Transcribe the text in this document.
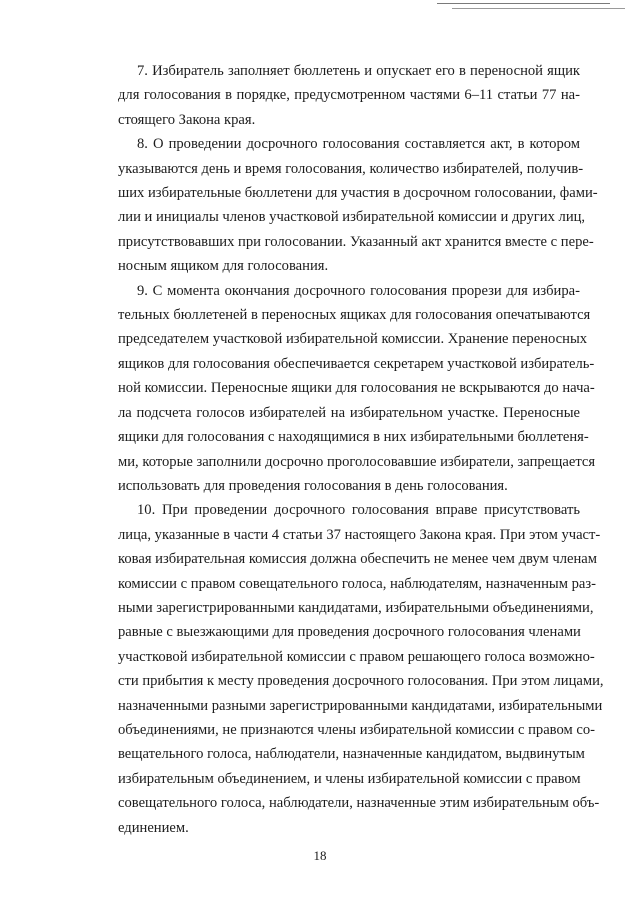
7. Избиратель заполняет бюллетень и опускает его в переносной ящик
для голосования в порядке, предусмотренном частями 6–11 статьи 77 на-
стоящего Закона края.

8. О проведении досрочного голосования составляется акт, в котором
указываются день и время голосования, количество избирателей, получив-
ших избирательные бюллетени для участия в досрочном голосовании, фами-
лии и инициалы членов участковой избирательной комиссии и других лиц,
присутствовавших при голосовании. Указанный акт хранится вместе с пере-
носным ящиком для голосования.

9. С момента окончания досрочного голосования прорези для избира-
тельных бюллетеней в переносных ящиках для голосования опечатываются
председателем участковой избирательной комиссии. Хранение переносных
ящиков для голосования обеспечивается секретарем участковой избиратель-
ной комиссии. Переносные ящики для голосования не вскрываются до нача-
ла подсчета голосов избирателей на избирательном участке. Переносные
ящики для голосования с находящимися в них избирательными бюллетеня-
ми, которые заполнили досрочно проголосовавшие избиратели, запрещается
использовать для проведения голосования в день голосования.

10. При проведении досрочного голосования вправе присутствовать
лица, указанные в части 4 статьи 37 настоящего Закона края. При этом участ-
ковая избирательная комиссия должна обеспечить не менее чем двум членам
комиссии с правом совещательного голоса, наблюдателям, назначенным раз-
ными зарегистрированными кандидатами, избирательными объединениями,
равные с выезжающими для проведения досрочного голосования членами
участковой избирательной комиссии с правом решающего голоса возможно-
сти прибытия к месту проведения досрочного голосования. При этом лицами,
назначенными разными зарегистрированными кандидатами, избирательными
объединениями, не признаются члены избирательной комиссии с правом со-
вещательного голоса, наблюдатели, назначенные кандидатом, выдвинутым
избирательным объединением, и члены избирательной комиссии с правом
совещательного голоса, наблюдатели, назначенные этим избирательным объ-
единением.

18
